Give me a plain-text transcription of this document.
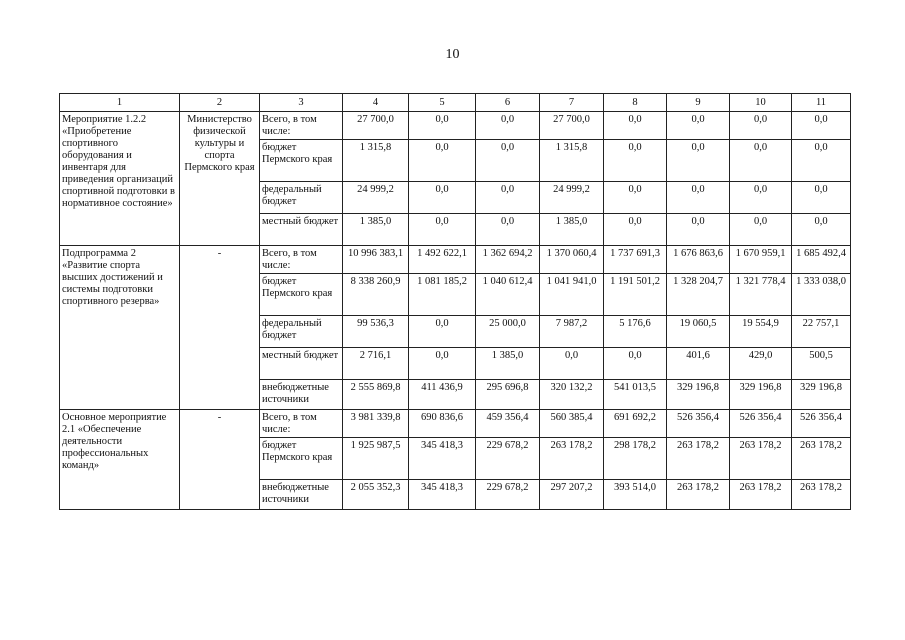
10
1	2	3	4	5	6	7	8	9	10	11
Мероприятие 1.2.2 «Приобретение спортивного оборудования и инвентаря для приведения организаций спортивной подготовки в нормативное состояние»	Министерство физической культуры и спорта Пермского края	Всего, в том числе:	27 700,0	0,0	0,0	27 700,0	0,0	0,0	0,0	0,0
		бюджет Пермского края	1 315,8	0,0	0,0	1 315,8	0,0	0,0	0,0	0,0
		федеральный бюджет	24 999,2	0,0	0,0	24 999,2	0,0	0,0	0,0	0,0
		местный бюджет	1 385,0	0,0	0,0	1 385,0	0,0	0,0	0,0	0,0
Подпрограмма 2 «Развитие спорта высших достижений и системы подготовки спортивного резерва»	-	Всего, в том числе:	10 996 383,1	1 492 622,1	1 362 694,2	1 370 060,4	1 737 691,3	1 676 863,6	1 670 959,1	1 685 492,4
		бюджет Пермского края	8 338 260,9	1 081 185,2	1 040 612,4	1 041 941,0	1 191 501,2	1 328 204,7	1 321 778,4	1 333 038,0
		федеральный бюджет	99 536,3	0,0	25 000,0	7 987,2	5 176,6	19 060,5	19 554,9	22 757,1
		местный бюджет	2 716,1	0,0	1 385,0	0,0	0,0	401,6	429,0	500,5
		внебюджетные источники	2 555 869,8	411 436,9	295 696,8	320 132,2	541 013,5	329 196,8	329 196,8	329 196,8
Основное мероприятие 2.1 «Обеспечение деятельности профессиональных команд»	-	Всего, в том числе:	3 981 339,8	690 836,6	459 356,4	560 385,4	691 692,2	526 356,4	526 356,4	526 356,4
		бюджет Пермского края	1 925 987,5	345 418,3	229 678,2	263 178,2	298 178,2	263 178,2	263 178,2	263 178,2
		внебюджетные источники	2 055 352,3	345 418,3	229 678,2	297 207,2	393 514,0	263 178,2	263 178,2	263 178,2
